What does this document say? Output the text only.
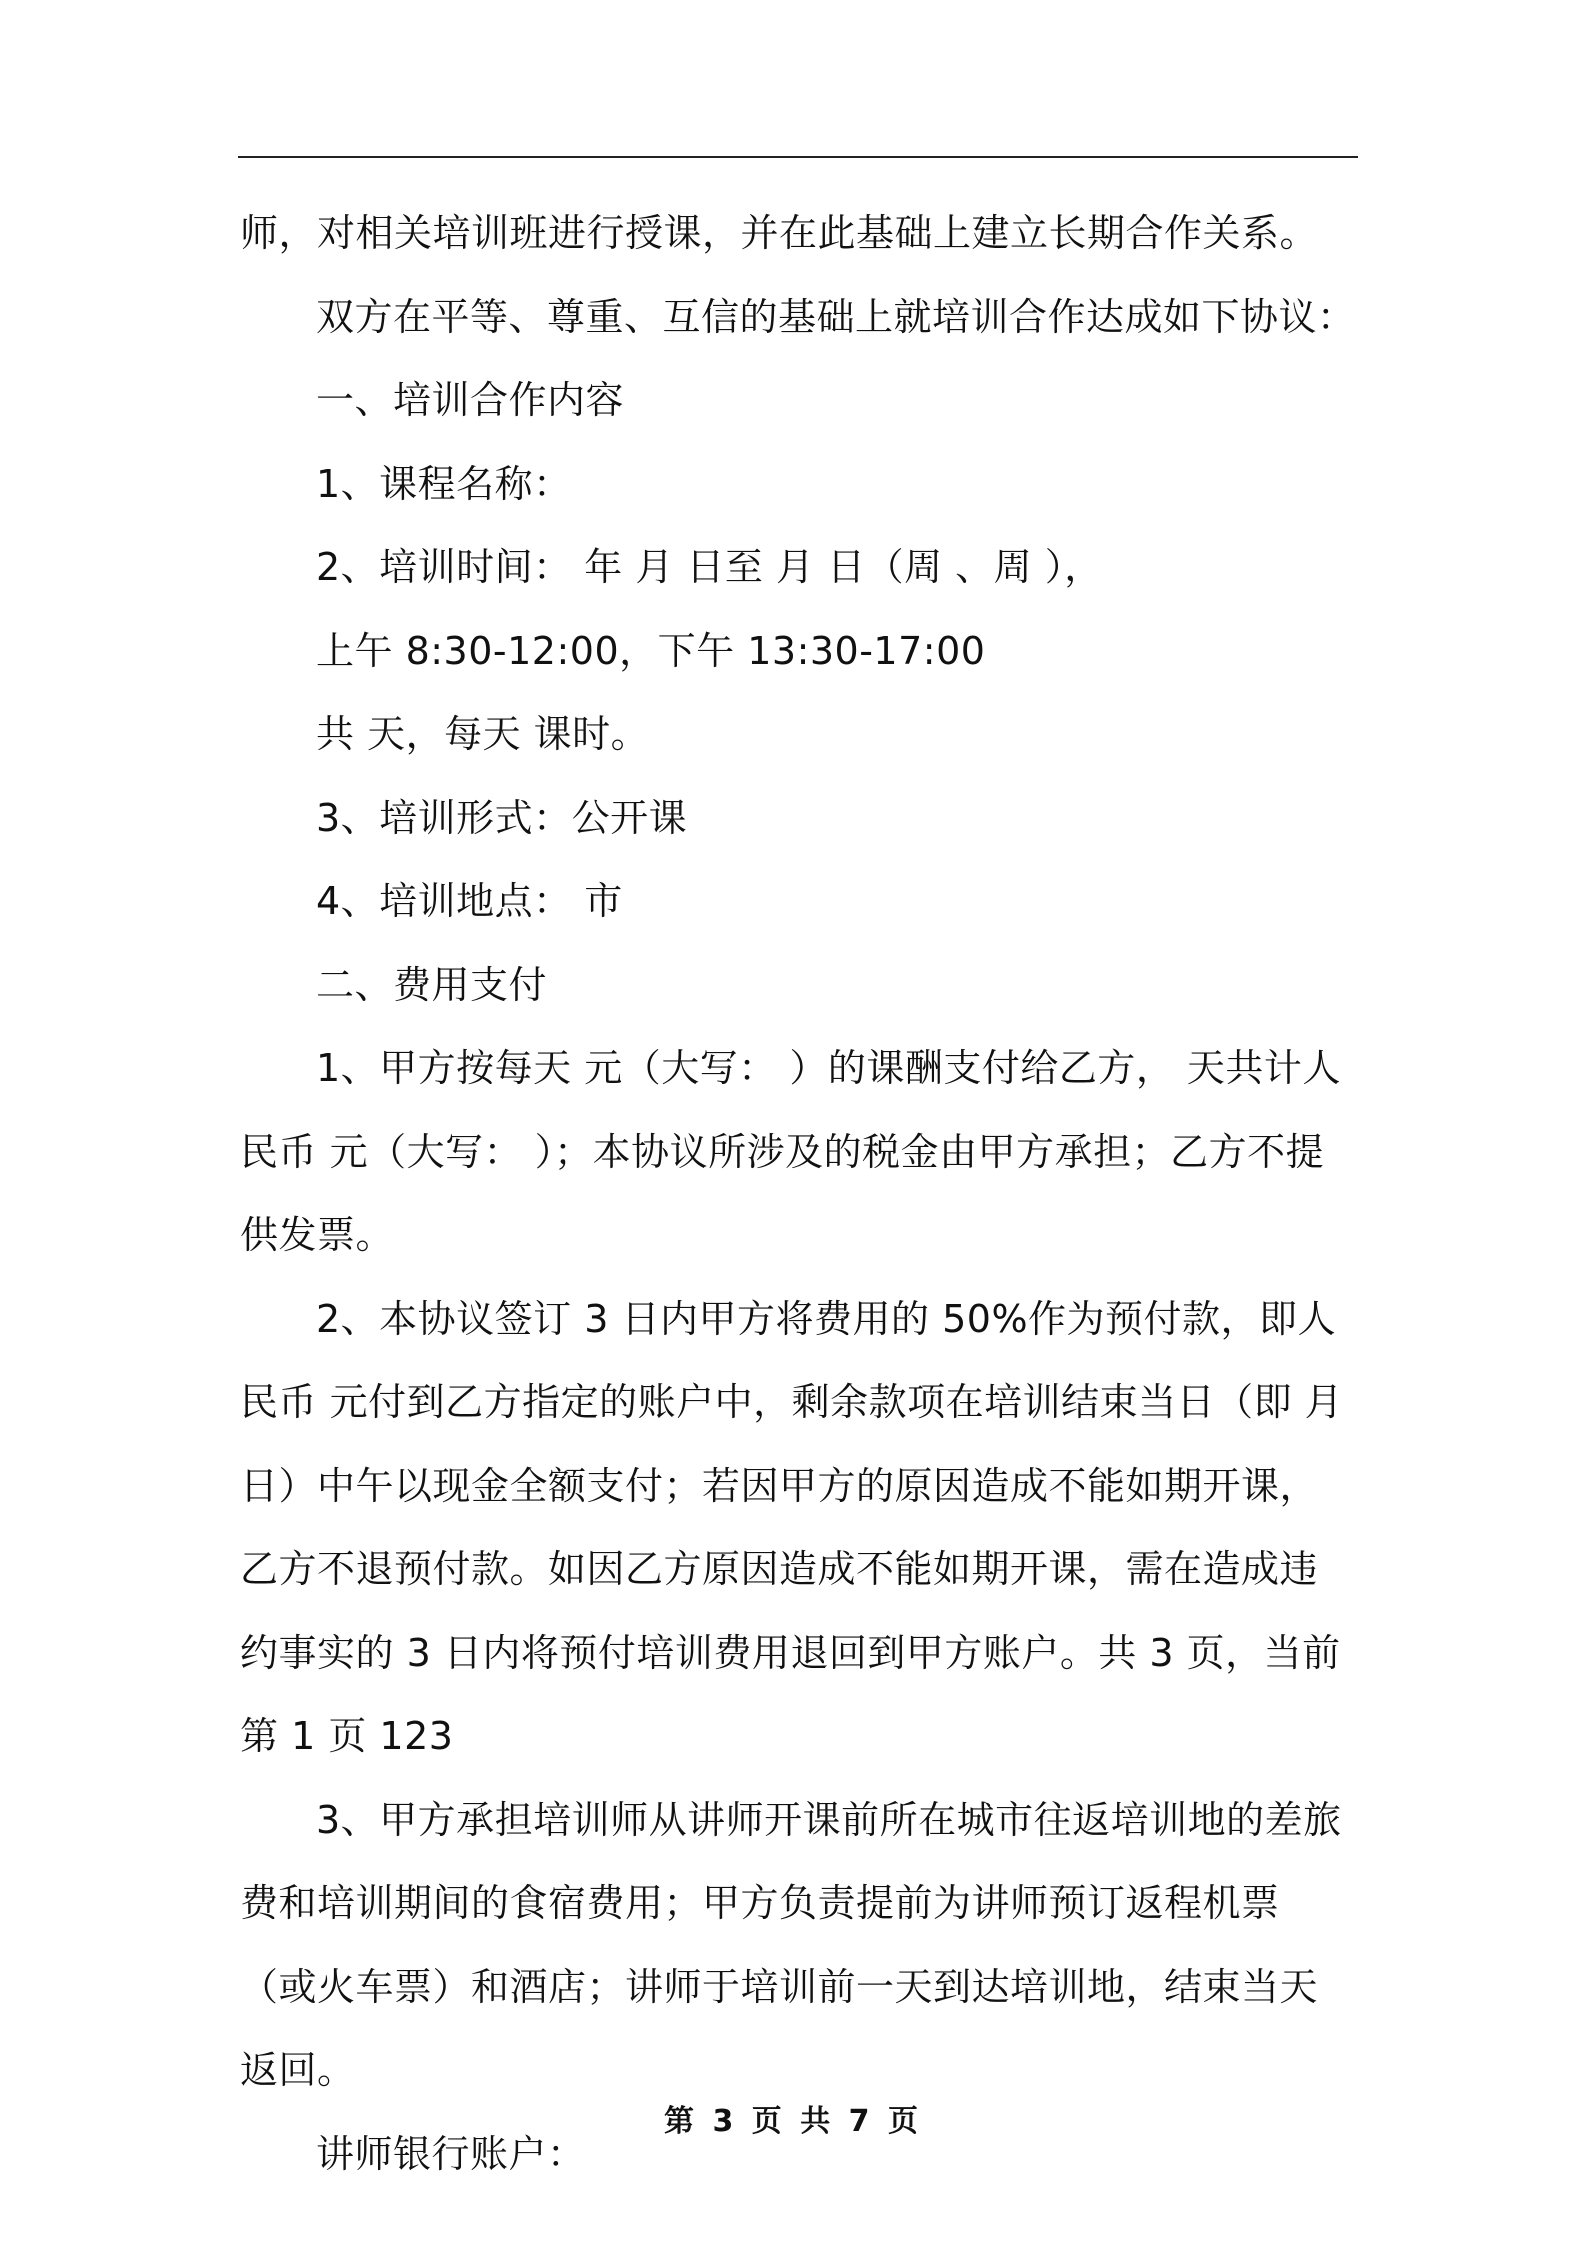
师，对相关培训班进行授课，并在此基础上建立长期合作关系。

双方在平等、尊重、互信的基础上就培训合作达成如下协议：

一、培训合作内容

1、课程名称：

2、培训时间： 年 月 日至 月 日（周 、周 ），

上午 8:30-12:00，下午 13:30-17:00

共 天，每天 课时。

3、培训形式：公开课

4、培训地点： 市

二、费用支付

1、甲方按每天 元（大写： ）的课酬支付给乙方， 天共计人民币 元（大写： ）；本协议所涉及的税金由甲方承担；乙方不提供发票。

2、本协议签订 3 日内甲方将费用的 50%作为预付款，即人民币 元付到乙方指定的账户中，剩余款项在培训结束当日（即 月 日）中午以现金全额支付；若因甲方的原因造成不能如期开课，乙方不退预付款。如因乙方原因造成不能如期开课，需在造成违约事实的 3 日内将预付培训费用退回到甲方账户。共 3 页，当前第 1 页 123

3、甲方承担培训师从讲师开课前所在城市往返培训地的差旅费和培训期间的食宿费用；甲方负责提前为讲师预订返程机票（或火车票）和酒店；讲师于培训前一天到达培训地，结束当天返回。

讲师银行账户：

第 3 页 共 7 页
